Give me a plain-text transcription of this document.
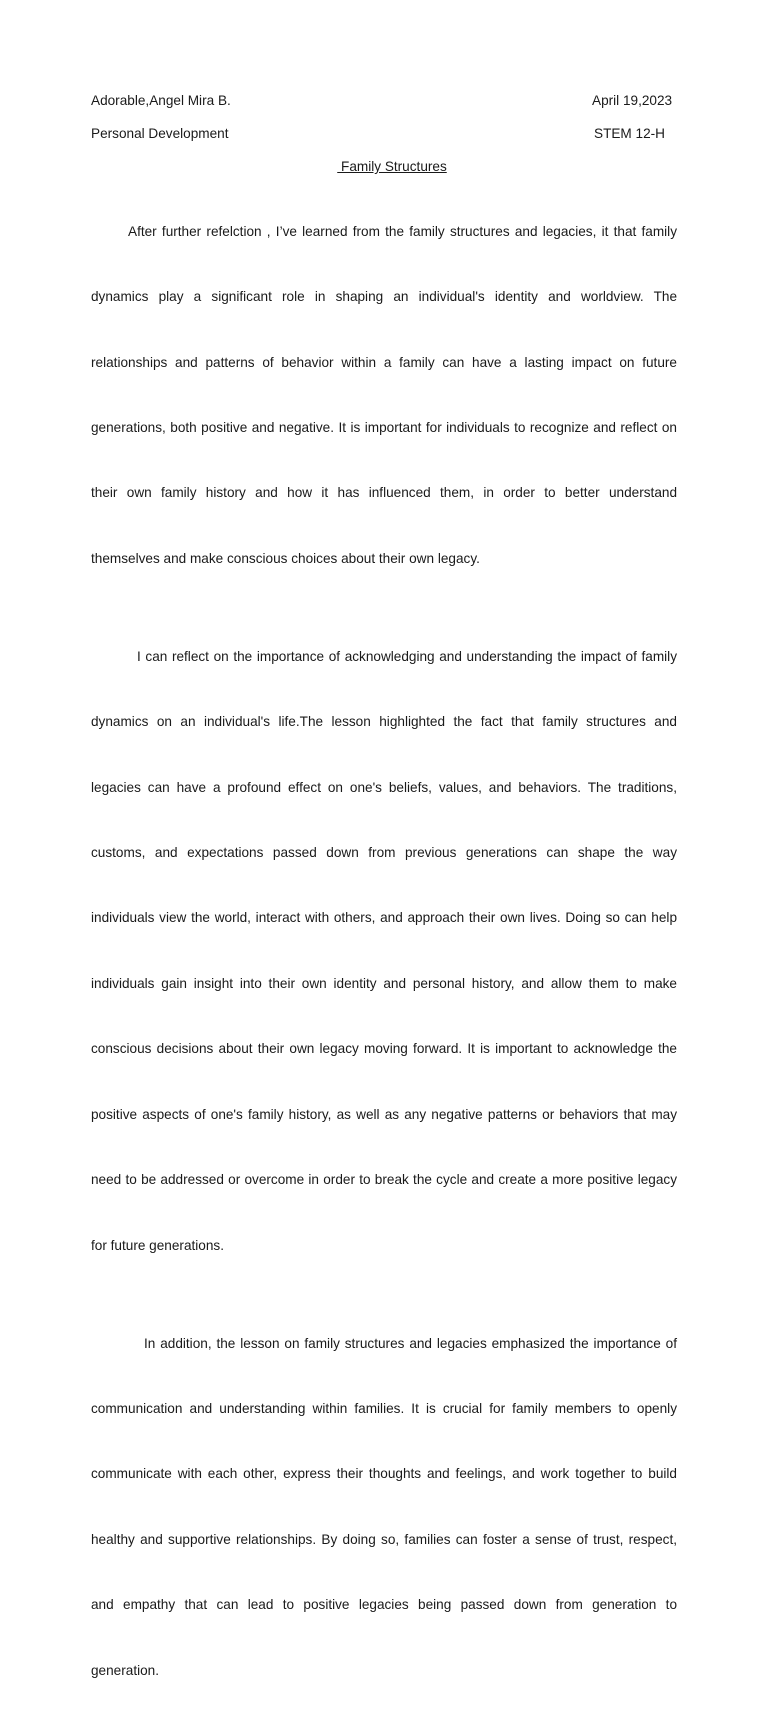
Adorable,Angel Mira B.	April 19,2023
Personal Development	STEM 12-H
Family Structures

After further refelction , I’ve learned from the family structures and legacies, it that family

dynamics play a significant role in shaping an individual's identity and worldview. The

relationships and patterns of behavior within a family can have a lasting impact on future

generations, both positive and negative. It is important for individuals to recognize and reflect on

their own family history and how it has influenced them, in order to better understand

themselves and make conscious choices about their own legacy.

I can reflect on the importance of acknowledging and understanding the impact of family

dynamics on an individual's life.The lesson highlighted the fact that family structures and

legacies can have a profound effect on one's beliefs, values, and behaviors. The traditions,

customs, and expectations passed down from previous generations can shape the way

individuals view the world, interact with others, and approach their own lives. Doing so can help

individuals gain insight into their own identity and personal history, and allow them to make

conscious decisions about their own legacy moving forward. It is important to acknowledge the

positive aspects of one's family history, as well as any negative patterns or behaviors that may

need to be addressed or overcome in order to break the cycle and create a more positive legacy

for future generations.

In addition, the lesson on family structures and legacies emphasized the importance of

communication and understanding within families. It is crucial for family members to openly

communicate with each other, express their thoughts and feelings, and work together to build

healthy and supportive relationships. By doing so, families can foster a sense of trust, respect,

and empathy that can lead to positive legacies being passed down from generation to

generation.
